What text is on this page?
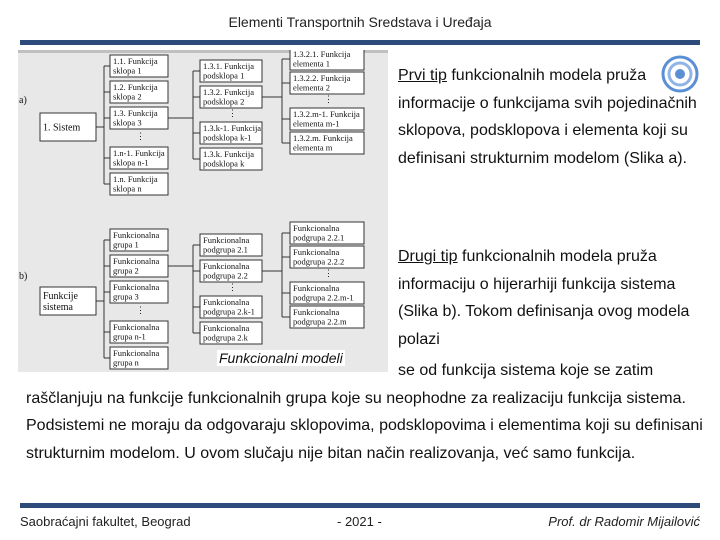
Elementi Transportnih Sredstava i Uređaja
1. Sistem
1.1. Funkcija
sklopa 1
1.2. Funkcija
sklopa 2
1.3. Funkcija
sklopa 3
1.n-1. Funkcija
sklopa n-1
1.n. Funkcija
sklopa n
⋮
1.3.1. Funkcija
podsklopa 1
1.3.2. Funkcija
podsklopa 2
1.3.k-1. Funkcija
podsklopa k-1
1.3.k. Funkcija
podsklopa k
⋮
1.3.2.1. Funkcija
elementa 1
1.3.2.2. Funkcija
elementa 2
1.3.2.m-1. Funkcija
elementa m-1
1.3.2.m. Funkcija
elementa m
⋮
Funkcije
sistema
Funkcionalna
grupa 1
Funkcionalna
grupa 2
Funkcionalna
grupa 3
Funkcionalna
grupa n-1
Funkcionalna
grupa n
⋮
Funkcionalna
podgrupa 2.1
Funkcionalna
podgrupa 2.2
Funkcionalna
podgrupa 2.k-1
Funkcionalna
podgrupa 2.k
⋮
Funkcionalna
podgrupa 2.2.1
Funkcionalna
podgrupa 2.2.2
Funkcionalna
podgrupa 2.2.m-1
Funkcionalna
podgrupa 2.2.m
⋮
a)
b)
Funkcionalni modeli

Prvi tip funkcionalnih modela pruža informacije o funkcijama svih pojedinačnih sklopova, podsklopova i elementa koji su definisani strukturnim modelom (Slika a).

Drugi tip funkcionalnih modela pruža informaciju o hijerarhiji funkcija sistema (Slika b). Tokom definisanja ovog modela polazi

se od funkcija sistema koje se zatim raščlanjuju na funkcije funkcionalnih grupa koje su neophodne za realizaciju funkcija sistema. Podsistemi ne moraju da odgovaraju sklopovima, podsklopovima i elementima koji su definisani strukturnim modelom. U ovom slučaju nije bitan način realizovanja, već samo funkcija.

Saobraćajni fakultet, Beograd	- 2021 -	Prof. dr Radomir Mijailović
